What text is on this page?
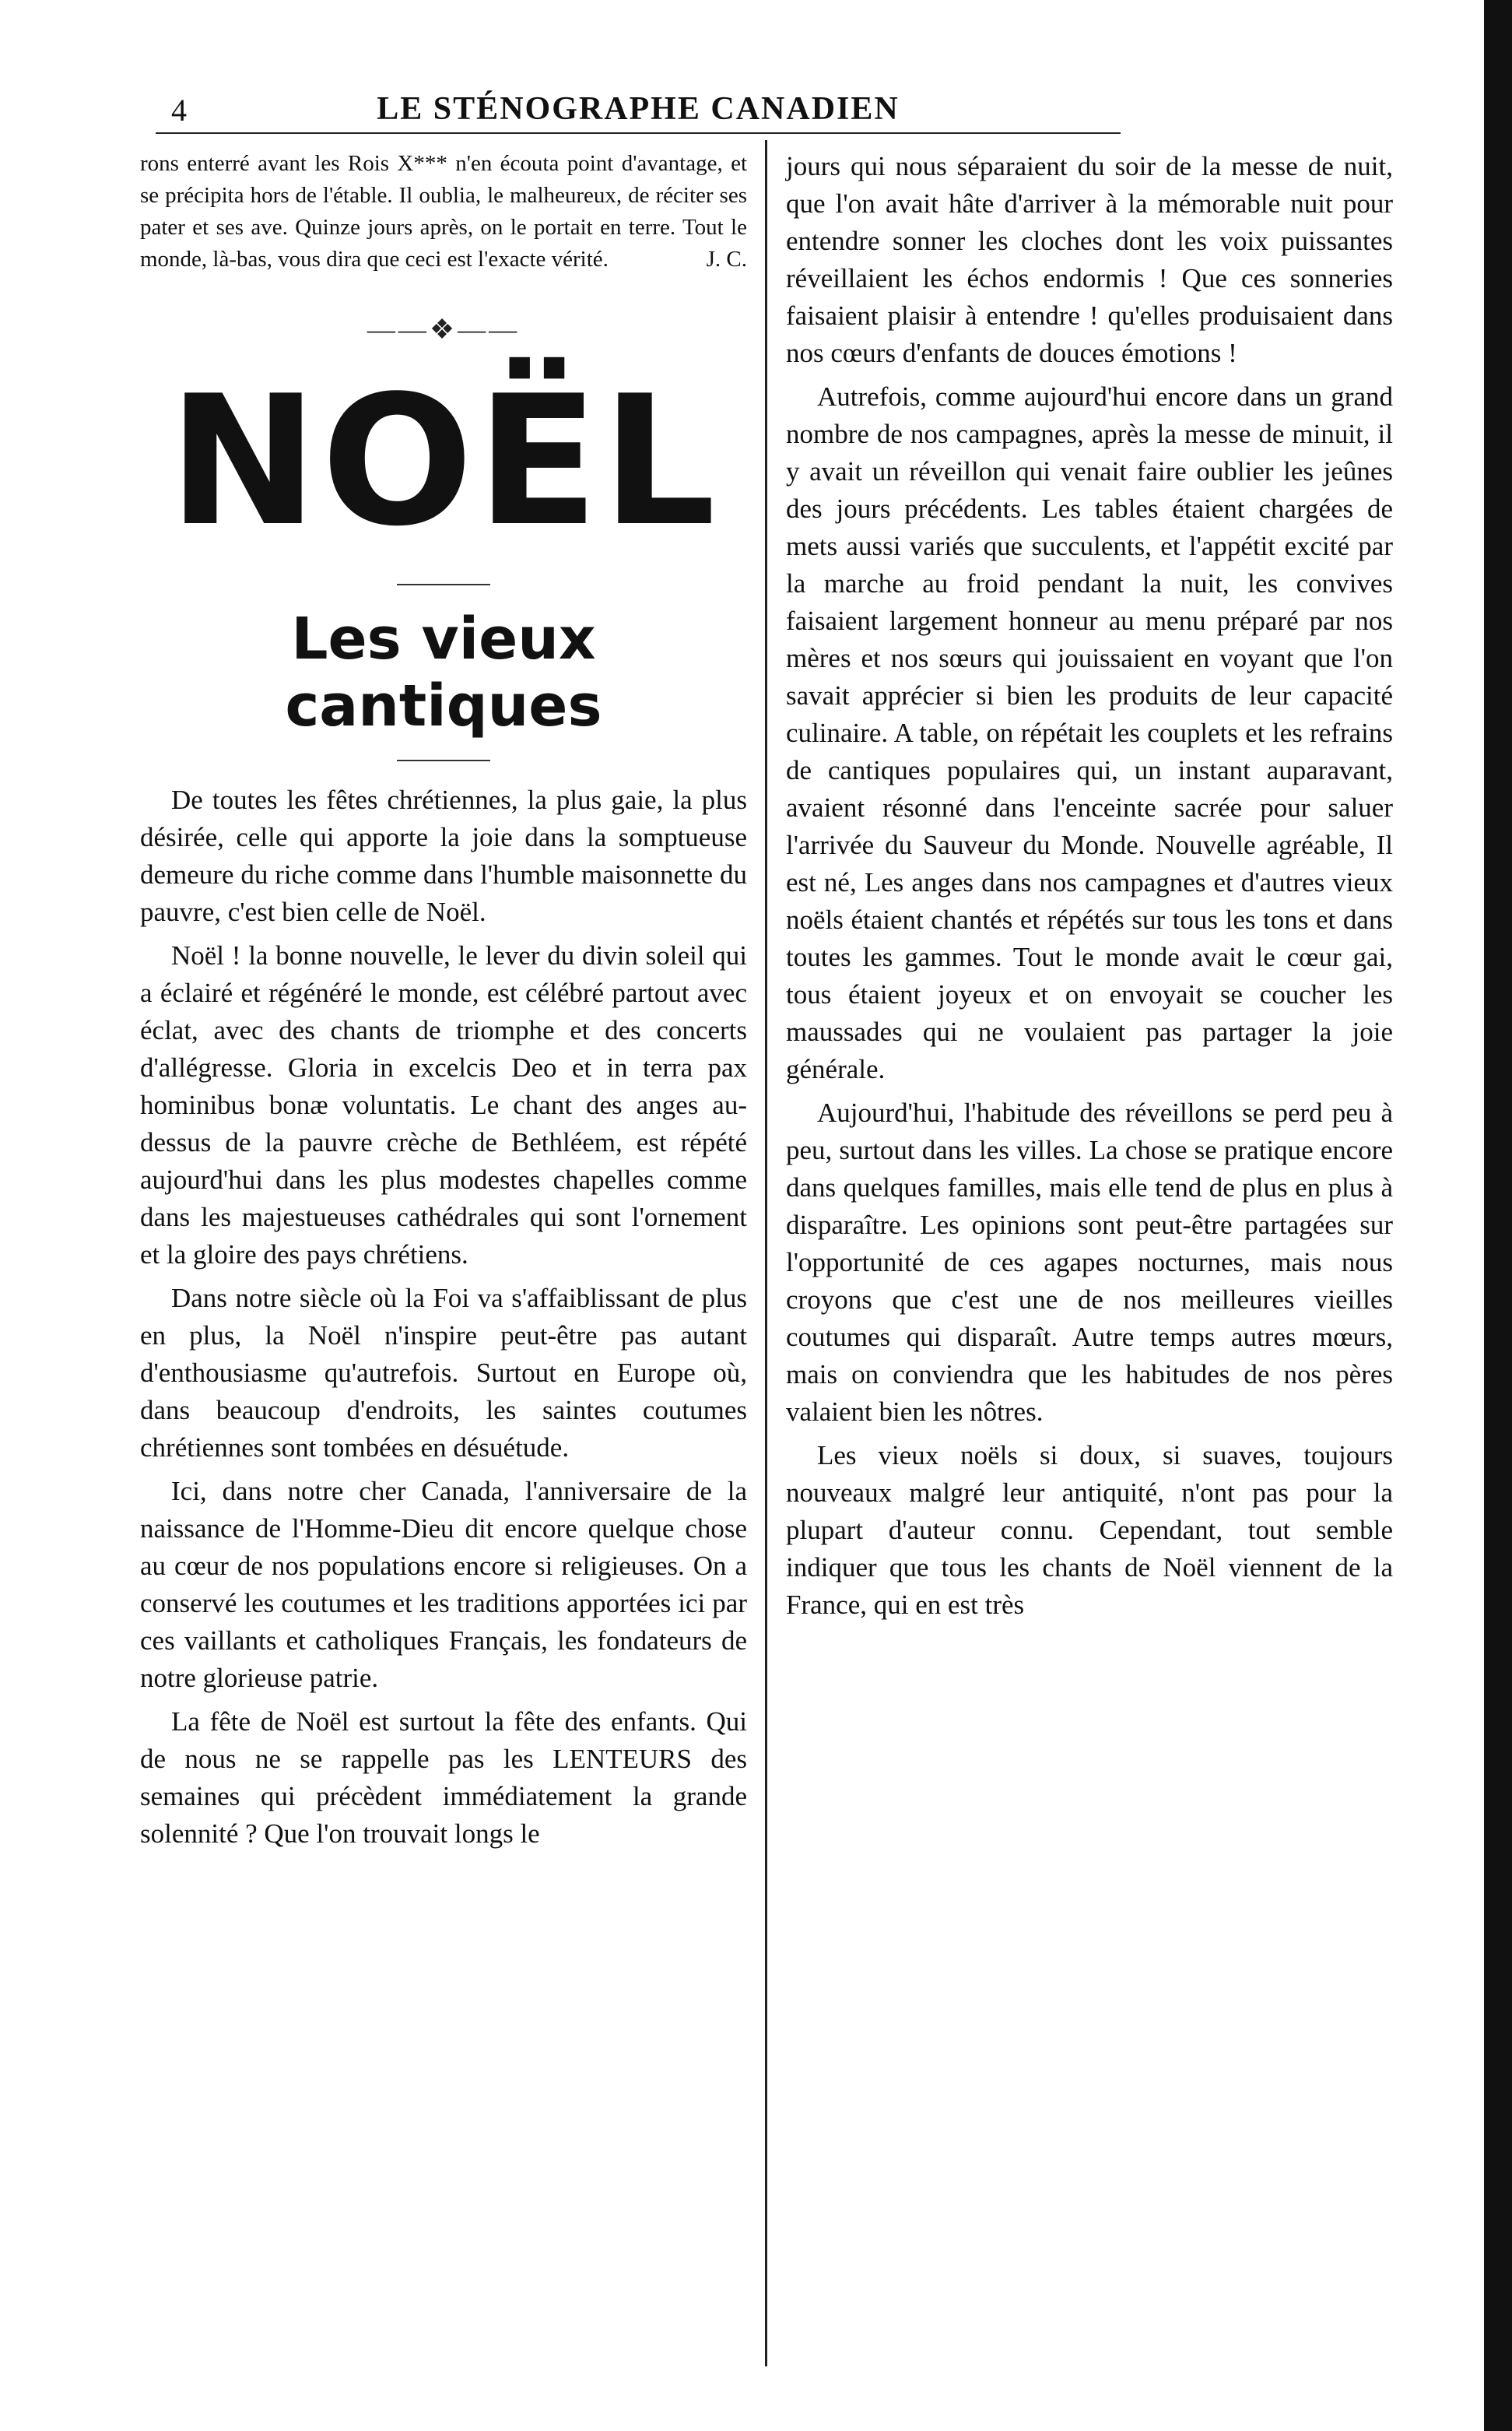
4	LE STÉNOGRAPHE CANADIEN

rons enterré avant les Rois X*** n'en écouta point d'avantage, et se précipita hors de l'étable. Il oublia, le malheureux, de réciter ses pater et ses ave. Quinze jours après, on le portait en terre. Tout le monde, là-bas, vous dira que ceci est l'exacte vérité.	J. C.

——❖——
NOËL
Les vieux cantiques

De toutes les fêtes chrétiennes, la plus gaie, la plus désirée, celle qui apporte la joie dans la somptueuse demeure du riche comme dans l'humble maisonnette du pauvre, c'est bien celle de Noël.

Noël ! la bonne nouvelle, le lever du divin soleil qui a éclairé et régénéré le monde, est célébré partout avec éclat, avec des chants de triomphe et des concerts d'allégresse. Gloria in excelcis Deo et in terra pax hominibus bonæ voluntatis. Le chant des anges au-dessus de la pauvre crèche de Bethléem, est répété aujourd'hui dans les plus modestes chapelles comme dans les majestueuses cathédrales qui sont l'ornement et la gloire des pays chrétiens.

Dans notre siècle où la Foi va s'affaiblissant de plus en plus, la Noël n'inspire peut-être pas autant d'enthousiasme qu'autrefois. Surtout en Europe où, dans beaucoup d'endroits, les saintes coutumes chrétiennes sont tombées en désuétude.

Ici, dans notre cher Canada, l'anniversaire de la naissance de l'Homme-Dieu dit encore quelque chose au cœur de nos populations encore si religieuses. On a conservé les coutumes et les traditions apportées ici par ces vaillants et catholiques Français, les fondateurs de notre glorieuse patrie.

La fête de Noël est surtout la fête des enfants. Qui de nous ne se rappelle pas les LENTEURS des semaines qui précèdent immédiatement la grande solennité ? Que l'on trouvait longs le

jours qui nous séparaient du soir de la messe de nuit, que l'on avait hâte d'arriver à la mémorable nuit pour entendre sonner les cloches dont les voix puissantes réveillaient les échos endormis ! Que ces sonneries faisaient plaisir à entendre ! qu'elles produisaient dans nos cœurs d'enfants de douces émotions !

Autrefois, comme aujourd'hui encore dans un grand nombre de nos campagnes, après la messe de minuit, il y avait un réveillon qui venait faire oublier les jeûnes des jours précédents. Les tables étaient chargées de mets aussi variés que succulents, et l'appétit excité par la marche au froid pendant la nuit, les convives faisaient largement honneur au menu préparé par nos mères et nos sœurs qui jouissaient en voyant que l'on savait apprécier si bien les produits de leur capacité culinaire. A table, on répétait les couplets et les refrains de cantiques populaires qui, un instant auparavant, avaient résonné dans l'enceinte sacrée pour saluer l'arrivée du Sauveur du Monde. Nouvelle agréable, Il est né, Les anges dans nos campagnes et d'autres vieux noëls étaient chantés et répétés sur tous les tons et dans toutes les gammes. Tout le monde avait le cœur gai, tous étaient joyeux et on envoyait se coucher les maussades qui ne voulaient pas partager la joie générale.

Aujourd'hui, l'habitude des réveillons se perd peu à peu, surtout dans les villes. La chose se pratique encore dans quelques familles, mais elle tend de plus en plus à disparaître. Les opinions sont peut-être partagées sur l'opportunité de ces agapes nocturnes, mais nous croyons que c'est une de nos meilleures vieilles coutumes qui disparaît. Autre temps autres mœurs, mais on conviendra que les habitudes de nos pères valaient bien les nôtres.

Les vieux noëls si doux, si suaves, toujours nouveaux malgré leur antiquité, n'ont pas pour la plupart d'auteur connu. Cependant, tout semble indiquer que tous les chants de Noël viennent de la France, qui en est très
